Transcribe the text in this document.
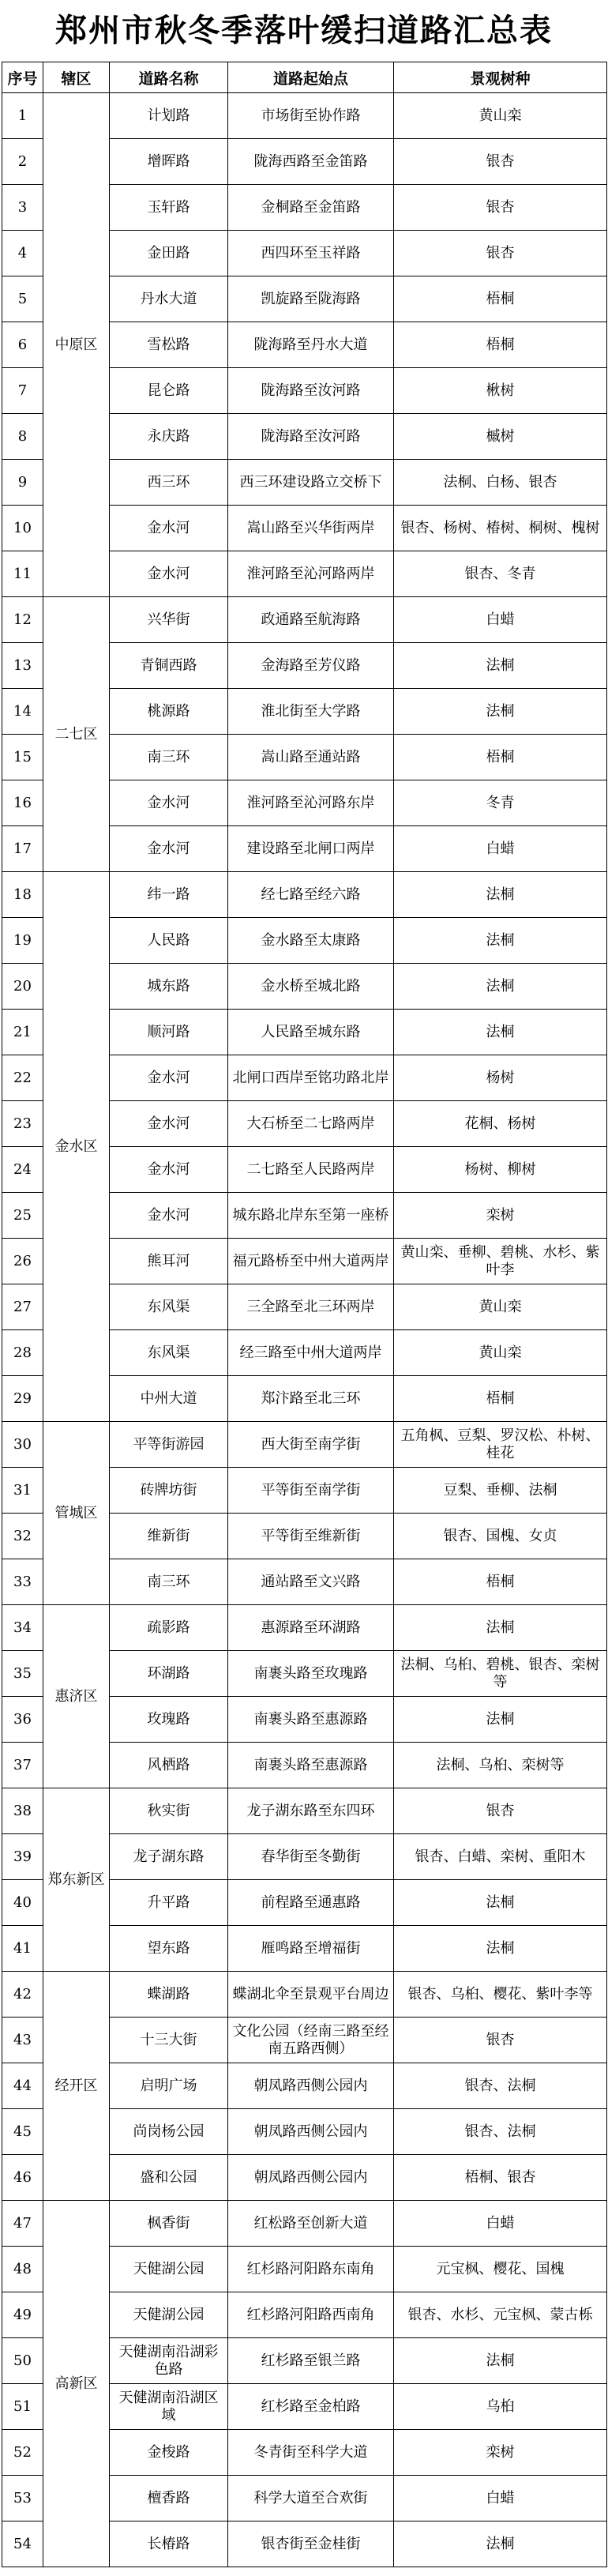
郑州市秋冬季落叶缓扫道路汇总表
序号	辖区	道路名称	道路起始点	景观树种
1	中原区	计划路	市场街至协作路	黄山栾
2		增晖路	陇海西路至金笛路	银杏
3		玉轩路	金桐路至金笛路	银杏
4		金田路	西四环至玉祥路	银杏
5		丹水大道	凯旋路至陇海路	梧桐
6		雪松路	陇海路至丹水大道	梧桐
7		昆仑路	陇海路至汝河路	楸树
8		永庆路	陇海路至汝河路	槭树
9		西三环	西三环建设路立交桥下	法桐、白杨、银杏
10		金水河	嵩山路至兴华街两岸	银杏、杨树、椿树、桐树、槐树
11		金水河	淮河路至沁河路两岸	银杏、冬青
12	二七区	兴华街	政通路至航海路	白蜡
13		青铜西路	金海路至芳仪路	法桐
14		桃源路	淮北街至大学路	法桐
15		南三环	嵩山路至通站路	梧桐
16		金水河	淮河路至沁河路东岸	冬青
17		金水河	建设路至北闸口两岸	白蜡
18	金水区	纬一路	经七路至经六路	法桐
19		人民路	金水路至太康路	法桐
20		城东路	金水桥至城北路	法桐
21		顺河路	人民路至城东路	法桐
22		金水河	北闸口西岸至铭功路北岸	杨树
23		金水河	大石桥至二七路两岸	花桐、杨树
24		金水河	二七路至人民路两岸	杨树、柳树
25		金水河	城东路北岸东至第一座桥	栾树
26		熊耳河	福元路桥至中州大道两岸	黄山栾、垂柳、碧桃、水杉、紫叶李
27		东风渠	三全路至北三环两岸	黄山栾
28		东风渠	经三路至中州大道两岸	黄山栾
29		中州大道	郑汴路至北三环	梧桐
30	管城区	平等街游园	西大街至南学街	五角枫、豆梨、罗汉松、朴树、桂花
31		砖牌坊街	平等街至南学街	豆梨、垂柳、法桐
32		维新街	平等街至维新街	银杏、国槐、女贞
33		南三环	通站路至文兴路	梧桐
34	惠济区	疏影路	惠源路至环湖路	法桐
35		环湖路	南裹头路至玫瑰路	法桐、乌桕、碧桃、银杏、栾树等
36		玫瑰路	南裹头路至惠源路	法桐
37		风栖路	南裹头路至惠源路	法桐、乌桕、栾树等
38	郑东新区	秋实街	龙子湖东路至东四环	银杏
39		龙子湖东路	春华街至冬勤街	银杏、白蜡、栾树、重阳木
40		升平路	前程路至通惠路	法桐
41		望东路	雁鸣路至增福街	法桐
42	经开区	蝶湖路	蝶湖北伞至景观平台周边	银杏、乌桕、樱花、紫叶李等
43		十三大街	文化公园（经南三路至经南五路西侧）	银杏
44		启明广场	朝凤路西侧公园内	银杏、法桐
45		尚岗杨公园	朝凤路西侧公园内	银杏、法桐
46		盛和公园	朝凤路西侧公园内	梧桐、银杏
47	高新区	枫香街	红松路至创新大道	白蜡
48		天健湖公园	红杉路河阳路东南角	元宝枫、樱花、国槐
49		天健湖公园	红杉路河阳路西南角	银杏、水杉、元宝枫、蒙古栎
50		天健湖南沿湖彩色路	红杉路至银兰路	法桐
51		天健湖南沿湖区域	红杉路至金柏路	乌桕
52		金梭路	冬青街至科学大道	栾树
53		檀香路	科学大道至合欢街	白蜡
54		长椿路	银杏街至金桂街	法桐
